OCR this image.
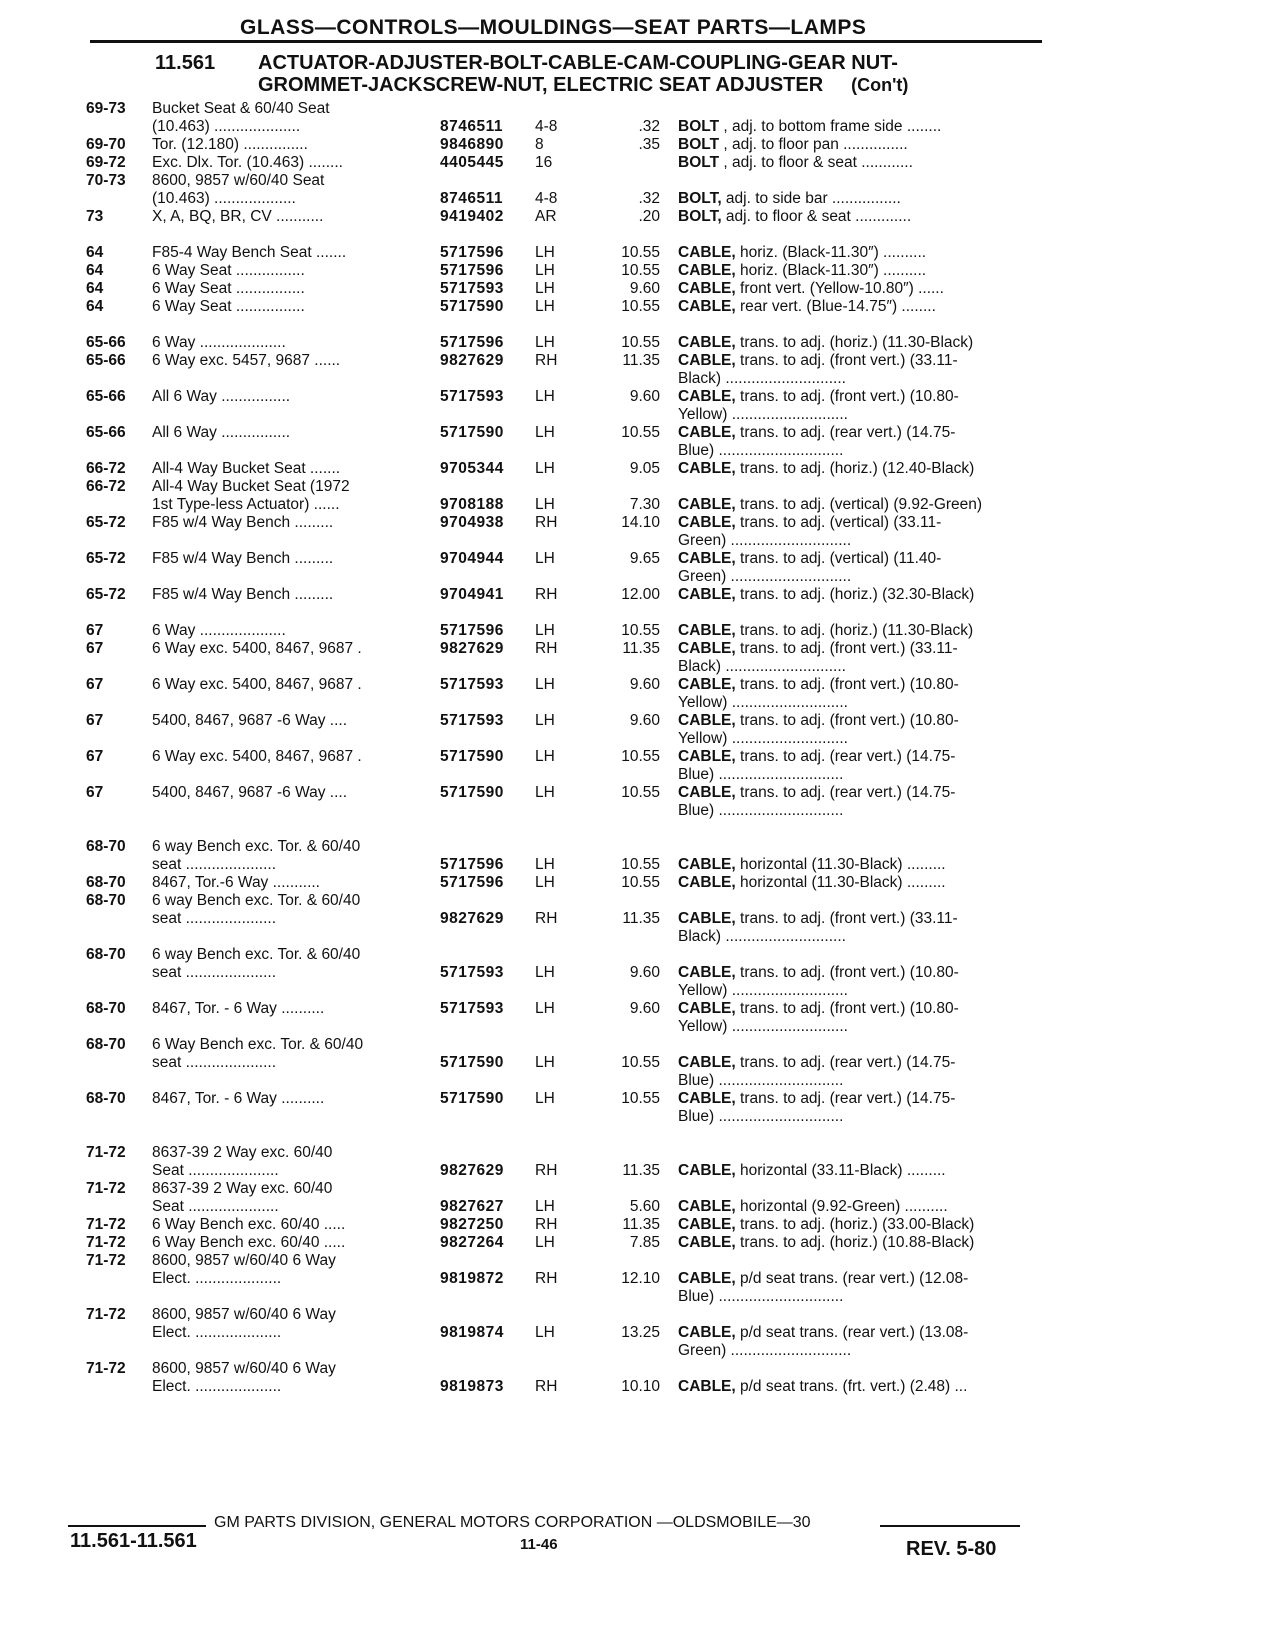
GLASS—CONTROLS—MOULDINGS—SEAT PARTS—LAMPS
11.561 ACTUATOR-ADJUSTER-BOLT-CABLE-CAM-COUPLING-GEAR NUT-
GROMMET-JACKSCREW-NUT, ELECTRIC SEAT ADJUSTER (Con't)
69-73 Bucket Seat & 60/40 Seat
(10.463) ....................	8746511 4-8	.32 BOLT , adj. to bottom frame side ........
69-70 Tor. (12.180) ...............	9846890 8	.35 BOLT , adj. to floor pan ...............
69-72 Exc. Dlx. Tor. (10.463) ........	4405445 16	BOLT , adj. to floor & seat ............
70-73 8600, 9857 w/60/40 Seat
(10.463) ...................	8746511 4-8	.32 BOLT, adj. to side bar ................
73	X, A, BQ, BR, CV ...........	9419402 AR	.20 BOLT, adj. to floor & seat .............
64	F85-4 Way Bench Seat .......	5717596 LH	10.55 CABLE, horiz. (Black-11.30″) ..........
64	6 Way Seat ................	5717596 LH	10.55 CABLE, horiz. (Black-11.30″) ..........
64	6 Way Seat ................	5717593 LH	9.60 CABLE, front vert. (Yellow-10.80″) ......
64	6 Way Seat ................	5717590 LH	10.55 CABLE, rear vert. (Blue-14.75″) ........
65-66 6 Way ....................	5717596 LH	10.55 CABLE, trans. to adj. (horiz.) (11.30-Black)
65-66 6 Way exc. 5457, 9687 ......	9827629 RH	11.35 CABLE, trans. to adj. (front vert.) (33.11-
Black) ............................
65-66 All 6 Way ................	5717593 LH	9.60 CABLE, trans. to adj. (front vert.) (10.80-
Yellow) ...........................
65-66 All 6 Way ................	5717590 LH	10.55 CABLE, trans. to adj. (rear vert.) (14.75-
Blue) .............................
66-72 All-4 Way Bucket Seat .......	9705344 LH	9.05 CABLE, trans. to adj. (horiz.) (12.40-Black)
66-72 All-4 Way Bucket Seat (1972
1st Type-less Actuator) ......	9708188 LH	7.30 CABLE, trans. to adj. (vertical) (9.92-Green)
65-72 F85 w/4 Way Bench .........	9704938 RH	14.10 CABLE, trans. to adj. (vertical) (33.11-
Green) ............................
65-72 F85 w/4 Way Bench .........	9704944 LH	9.65 CABLE, trans. to adj. (vertical) (11.40-
Green) ............................
65-72 F85 w/4 Way Bench .........	9704941 RH	12.00 CABLE, trans. to adj. (horiz.) (32.30-Black)
67	6 Way ....................	5717596 LH	10.55 CABLE, trans. to adj. (horiz.) (11.30-Black)
67	6 Way exc. 5400, 8467, 9687 .	9827629 RH	11.35 CABLE, trans. to adj. (front vert.) (33.11-
Black) ............................
67	6 Way exc. 5400, 8467, 9687 .	5717593 LH	9.60 CABLE, trans. to adj. (front vert.) (10.80-
Yellow) ...........................
67	5400, 8467, 9687 -6 Way ....	5717593 LH	9.60 CABLE, trans. to adj. (front vert.) (10.80-
Yellow) ...........................
67	6 Way exc. 5400, 8467, 9687 .	5717590 LH	10.55 CABLE, trans. to adj. (rear vert.) (14.75-
Blue) .............................
67	5400, 8467, 9687 -6 Way ....	5717590 LH	10.55 CABLE, trans. to adj. (rear vert.) (14.75-
Blue) .............................
68-70 6 way Bench exc. Tor. & 60/40
seat .....................	5717596 LH	10.55 CABLE, horizontal (11.30-Black) .........
68-70 8467, Tor.-6 Way ...........	5717596 LH	10.55 CABLE, horizontal (11.30-Black) .........
68-70 6 way Bench exc. Tor. & 60/40
seat .....................	9827629 RH	11.35 CABLE, trans. to adj. (front vert.) (33.11-
Black) ............................
68-70 6 way Bench exc. Tor. & 60/40
seat .....................	5717593 LH	9.60 CABLE, trans. to adj. (front vert.) (10.80-
Yellow) ...........................
68-70 8467, Tor. - 6 Way ..........	5717593 LH	9.60 CABLE, trans. to adj. (front vert.) (10.80-
Yellow) ...........................
68-70 6 Way Bench exc. Tor. & 60/40
seat .....................	5717590 LH	10.55 CABLE, trans. to adj. (rear vert.) (14.75-
Blue) .............................
68-70 8467, Tor. - 6 Way ..........	5717590 LH	10.55 CABLE, trans. to adj. (rear vert.) (14.75-
Blue) .............................
71-72 8637-39 2 Way exc. 60/40
Seat .....................	9827629 RH	11.35 CABLE, horizontal (33.11-Black) .........
71-72 8637-39 2 Way exc. 60/40
Seat .....................	9827627 LH	5.60 CABLE, horizontal (9.92-Green) ..........
71-72 6 Way Bench exc. 60/40 .....	9827250 RH	11.35 CABLE, trans. to adj. (horiz.) (33.00-Black)
71-72 6 Way Bench exc. 60/40 .....	9827264 LH	7.85 CABLE, trans. to adj. (horiz.) (10.88-Black)
71-72 8600, 9857 w/60/40 6 Way
Elect. ....................	9819872 RH	12.10 CABLE, p/d seat trans. (rear vert.) (12.08-
Blue) .............................
71-72 8600, 9857 w/60/40 6 Way
Elect. ....................	9819874 LH	13.25 CABLE, p/d seat trans. (rear vert.) (13.08-
Green) ............................
71-72 8600, 9857 w/60/40 6 Way
Elect. ....................	9819873 RH	10.10 CABLE, p/d seat trans. (frt. vert.) (2.48) ...
GM PARTS DIVISION, GENERAL MOTORS CORPORATION —OLDSMOBILE—30
11.561-11.561	11-46	REV. 5-80
